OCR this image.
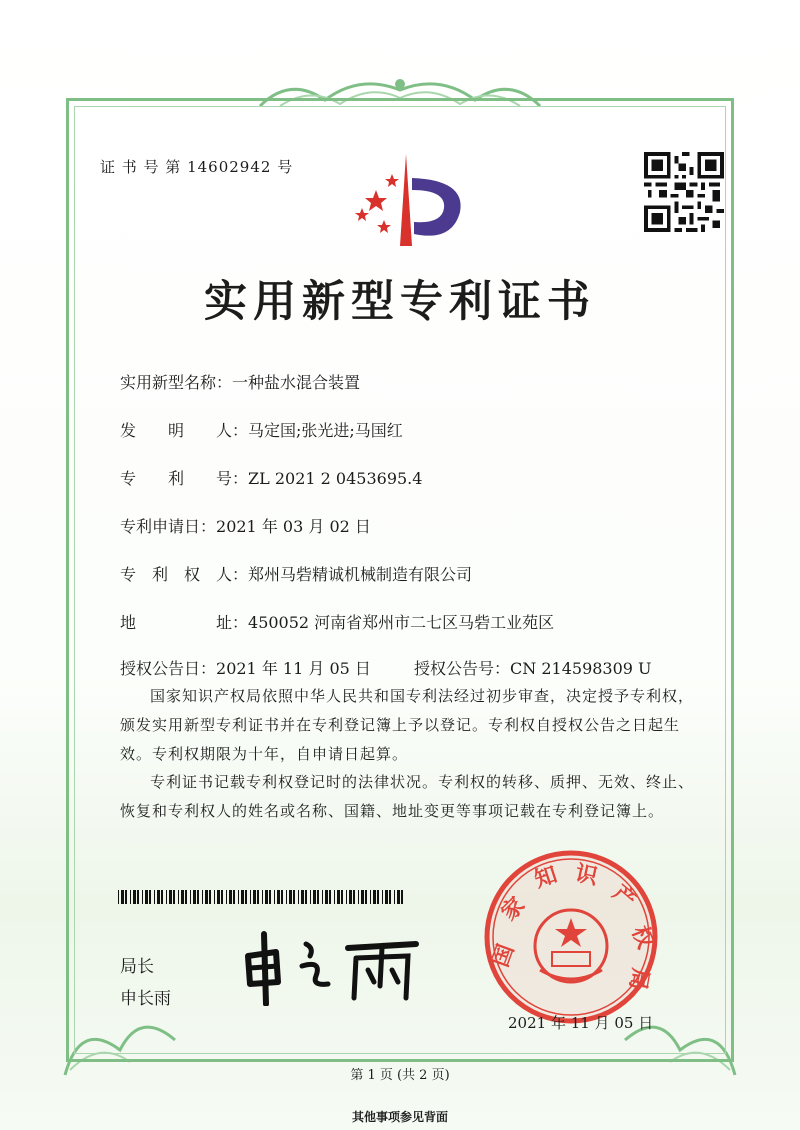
证 书 号 第 14602942 号
实用新型专利证书
实用新型名称：一种盐水混合装置
发　　明　　人：马定国;张光进;马国红
专　　利　　号：ZL 2021 2 0453695.4
专利申请日：2021 年 03 月 02 日
专　利　权　人：郑州马砦精诚机械制造有限公司
地　　　　　址：450052 河南省郑州市二七区马砦工业苑区
授权公告日：2021 年 11 月 05 日	授权公告号：CN 214598309 U
国家知识产权局依照中华人民共和国专利法经过初步审查，决定授予专利权，颁发实用新型专利证书并在专利登记簿上予以登记。专利权自授权公告之日起生效。专利权期限为十年，自申请日起算。
专利证书记载专利权登记时的法律状况。专利权的转移、质押、无效、终止、恢复和专利权人的姓名或名称、国籍、地址变更等事项记载在专利登记簿上。
局长
申长雨
国
家
知 识
产
权
局
2021 年 11 月 05 日
第 1 页 (共 2 页)
其他事项参见背面
